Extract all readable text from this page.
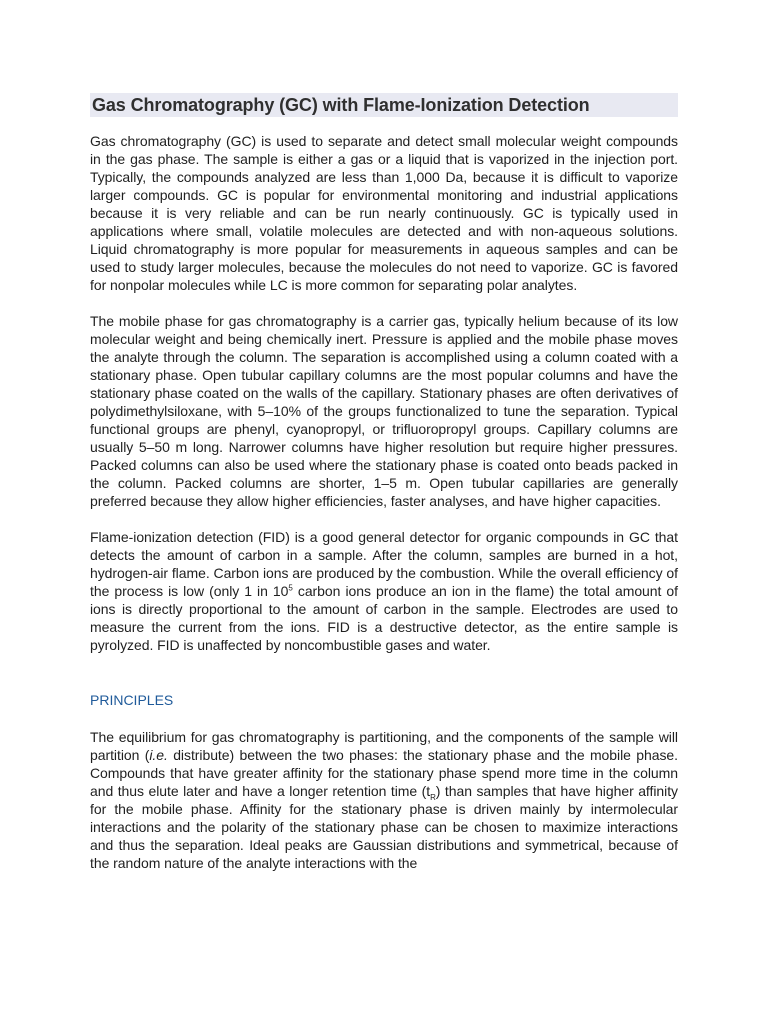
Gas Chromatography (GC) with Flame-Ionization Detection

Gas chromatography (GC) is used to separate and detect small molecular weight compounds in the gas phase. The sample is either a gas or a liquid that is vaporized in the injection port. Typically, the compounds analyzed are less than 1,000 Da, because it is difficult to vaporize larger compounds. GC is popular for environmental monitoring and industrial applications because it is very reliable and can be run nearly continuously. GC is typically used in applications where small, volatile molecules are detected and with non-aqueous solutions. Liquid chromatography is more popular for measurements in aqueous samples and can be used to study larger molecules, because the molecules do not need to vaporize. GC is favored for nonpolar molecules while LC is more common for separating polar analytes.

The mobile phase for gas chromatography is a carrier gas, typically helium because of its low molecular weight and being chemically inert. Pressure is applied and the mobile phase moves the analyte through the column. The separation is accomplished using a column coated with a stationary phase. Open tubular capillary columns are the most popular columns and have the stationary phase coated on the walls of the capillary. Stationary phases are often derivatives of polydimethylsiloxane, with 5–10% of the groups functionalized to tune the separation. Typical functional groups are phenyl, cyanopropyl, or trifluoropropyl groups. Capillary columns are usually 5–50 m long. Narrower columns have higher resolution but require higher pressures. Packed columns can also be used where the stationary phase is coated onto beads packed in the column. Packed columns are shorter, 1–5 m. Open tubular capillaries are generally preferred because they allow higher efficiencies, faster analyses, and have higher capacities.

Flame-ionization detection (FID) is a good general detector for organic compounds in GC that detects the amount of carbon in a sample. After the column, samples are burned in a hot, hydrogen-air flame. Carbon ions are produced by the combustion. While the overall efficiency of the process is low (only 1 in $10^5$ carbon ions produce an ion in the flame) the total amount of ions is directly proportional to the amount of carbon in the sample. Electrodes are used to measure the current from the ions. FID is a destructive detector, as the entire sample is pyrolyzed. FID is unaffected by noncombustible gases and water.

PRINCIPLES

The equilibrium for gas chromatography is partitioning, and the components of the sample will partition (i.e. distribute) between the two phases: the stationary phase and the mobile phase. Compounds that have greater affinity for the stationary phase spend more time in the column and thus elute later and have a longer retention time $(t_R)$ than samples that have higher affinity for the mobile phase. Affinity for the stationary phase is driven mainly by intermolecular interactions and the polarity of the stationary phase can be chosen to maximize interactions and thus the separation. Ideal peaks are Gaussian distributions and symmetrical, because of the random nature of the analyte interactions with the
